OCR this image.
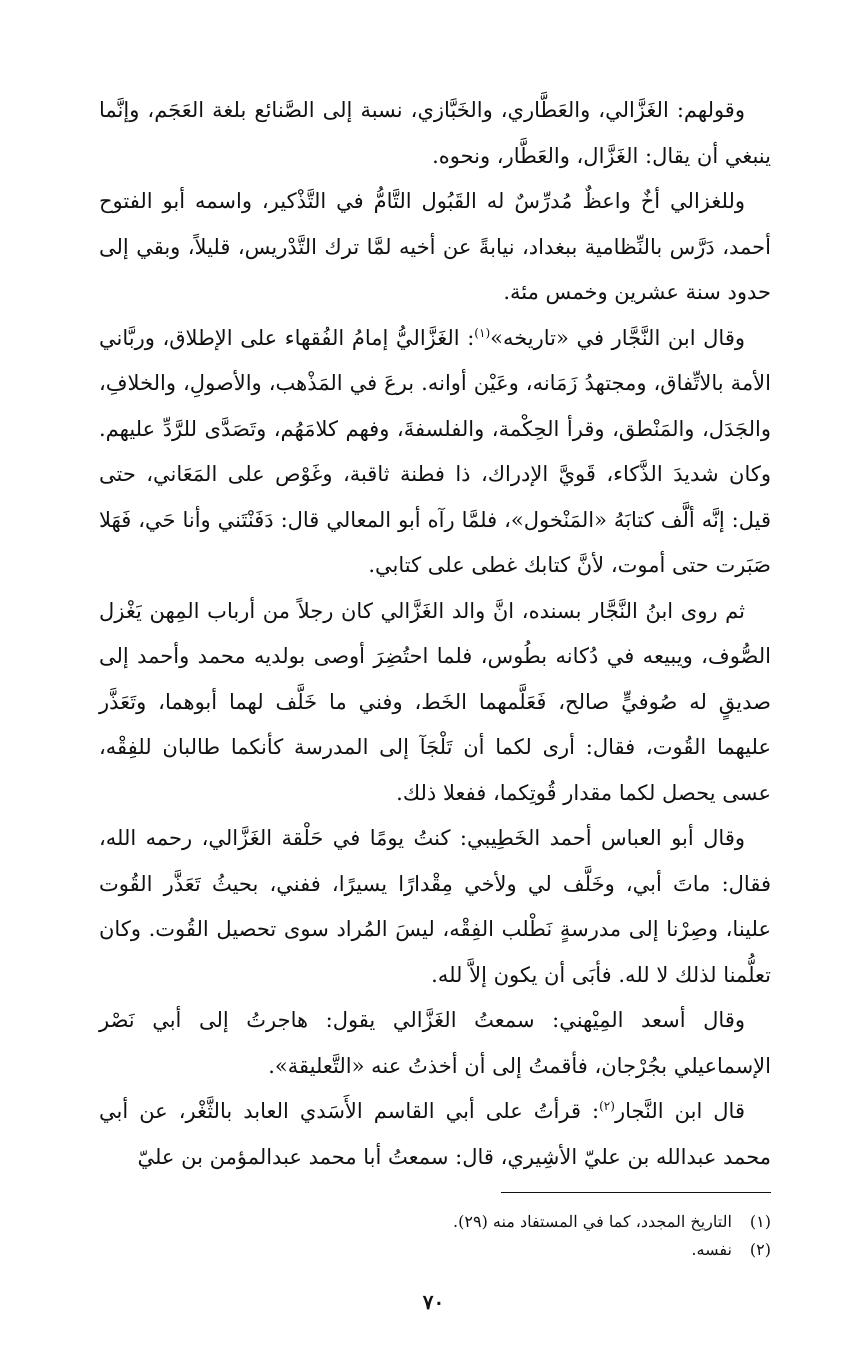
وقولهم: الغَزَّالي، والعَطَّاري، والخَبَّازي، نسبة إلى الصَّنائع بلغة العَجَم، وإنَّما ينبغي أن يقال: الغَزَّال، والعَطَّار، ونحوه.

وللغزالي أخٌ واعظٌ مُدرِّسٌ له القَبُول التَّامُّ في التَّذْكير، واسمه أبو الفتوح أحمد، دَرَّس بالنِّظامية ببغداد، نيابةً عن أخيه لمَّا ترك التَّدْريس، قليلاً، وبقي إلى حدود سنة عشرين وخمس مئة.

وقال ابن النَّجَّار في «تاريخه»$^{(١)}$: الغَزَّاليُّ إمامُ الفُقهاء على الإطلاق، وربَّاني الأمة بالاتِّفاق، ومجتهدُ زَمَانه، وعَيْن أوانه. برعَ في المَذْهب، والأصولِ، والخلافِ، والجَدَل، والمَنْطق، وقرأ الحِكْمة، والفلسفةَ، وفهم كلامَهُم، وتَصَدَّى للرَّدِّ عليهم. وكان شديدَ الذَّكاء، قَويَّ الإدراك، ذا فطنة ثاقبة، وغَوْص على المَعَاني، حتى قيل: إنَّه ألَّف كتابَهُ «المَنْخول»، فلمَّا رآه أبو المعالي قال: دَفَنْتَني وأنا حَي، فَهَلا صَبَرت حتى أموت، لأنَّ كتابك غطى على كتابي.

ثم روى ابنُ النَّجَّار بسنده، انَّ والد الغَزَّالي كان رجلاً من أرباب المِهن يَغْزل الصُّوف، ويبيعه في دُكانه بطُوس، فلما احتُضِرَ أوصى بولديه محمد وأحمد إلى صديقٍ له صُوفيٍّ صالح، فَعَلَّمهما الخَط، وفني ما خَلَّف لهما أبوهما، وتَعَذَّر عليهما القُوت، فقال: أرى لكما أن تَلْجَآ إلى المدرسة كأنكما طالبان للفِقْه، عسى يحصل لكما مقدار قُوتِكما، ففعلا ذلك.

وقال أبو العباس أحمد الخَطِيبي: كنتُ يومًا في حَلْقة الغَزَّالي، رحمه الله، فقال: ماتَ أبي، وخَلَّف لي ولأخي مِقْدارًا يسيرًا، ففني، بحيثُ تَعَذَّر القُوت علينا، وصِرْنا إلى مدرسةٍ نَطْلب الفِقْه، ليسَ المُراد سوى تحصيل القُوت. وكان تعلُّمنا لذلك لا لله. فأبَى أن يكون إلاَّ لله.

وقال أسعد المِيْهني: سمعتُ الغَزَّالي يقول: هاجرتُ إلى أبي نَصْر الإسماعيلي بجُرْجان، فأقمتُ إلى أن أخذتُ عنه «التَّعليقة».

قال ابن النَّجار$^{(٢)}$: قرأتُ على أبي القاسم الأَسَدي العابد بالثَّغْر، عن أبي محمد عبدالله بن عليّ الأشِيري، قال: سمعتُ أبا محمد عبدالمؤمن بن عليّ

(١) التاريخ المجدد، كما في المستفاد منه (٢٩).

(٢) نفسه.

٧٠
